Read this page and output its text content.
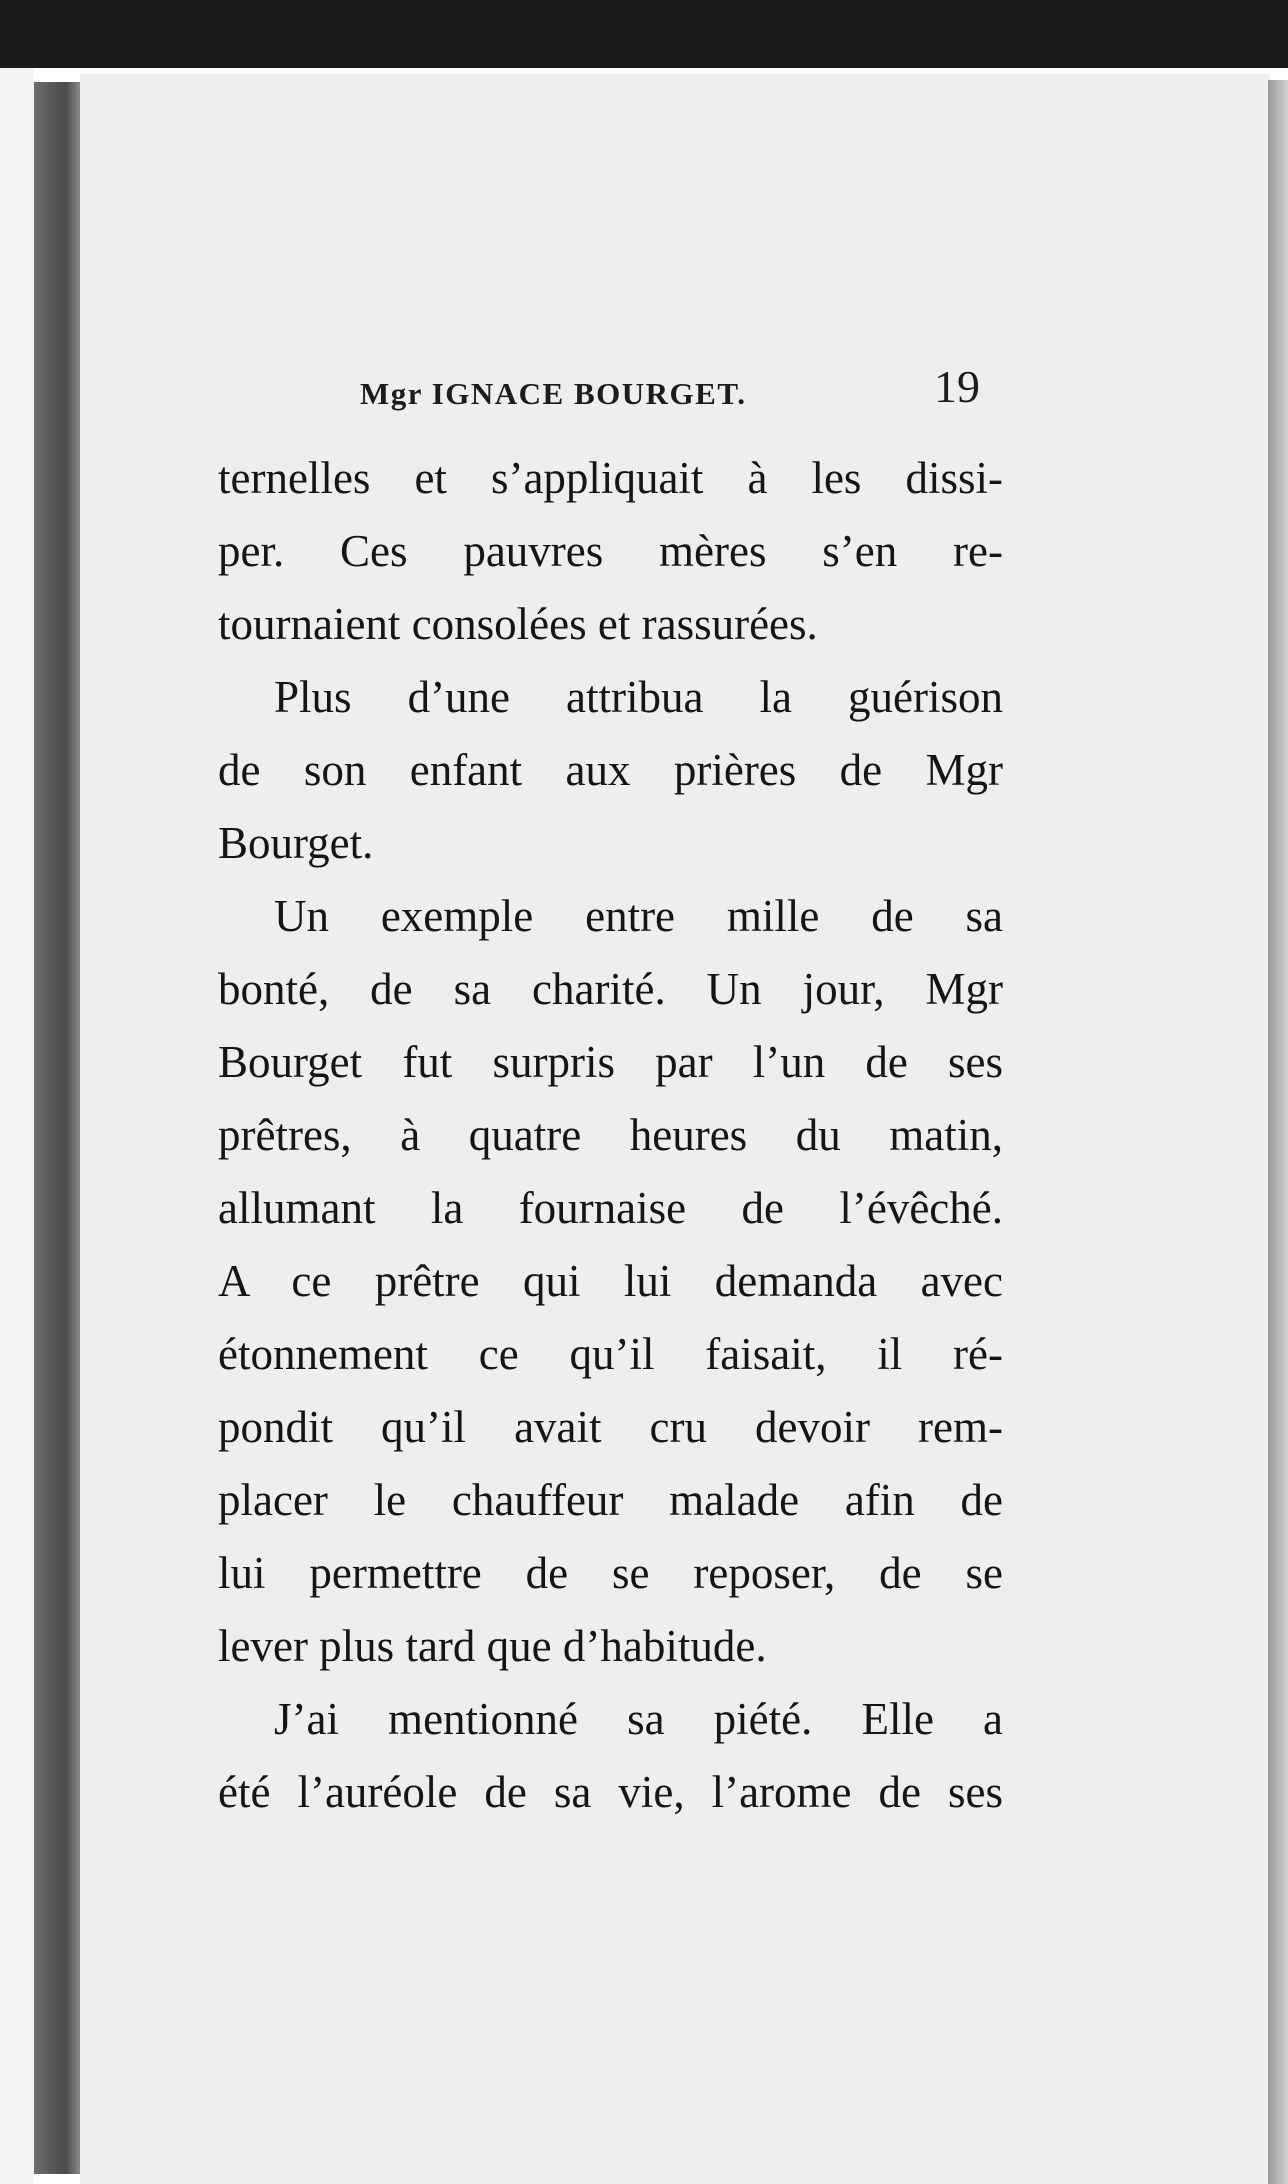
Mgr IGNACE BOURGET.	19
ternelles et s’appliquait à les dissi-
per. Ces pauvres mères s’en re-
tournaient consolées et rassurées.
Plus d’une attribua la guérison
de son enfant aux prières de Mgr
Bourget.
Un exemple entre mille de sa
bonté, de sa charité. Un jour, Mgr
Bourget fut surpris par l’un de ses
prêtres, à quatre heures du matin,
allumant la fournaise de l’évêché.
A ce prêtre qui lui demanda avec
étonnement ce qu’il faisait, il ré-
pondit qu’il avait cru devoir rem-
placer le chauffeur malade afin de
lui permettre de se reposer, de se
lever plus tard que d’habitude.
J’ai mentionné sa piété. Elle a
été l’auréole de sa vie, l’arome de ses
